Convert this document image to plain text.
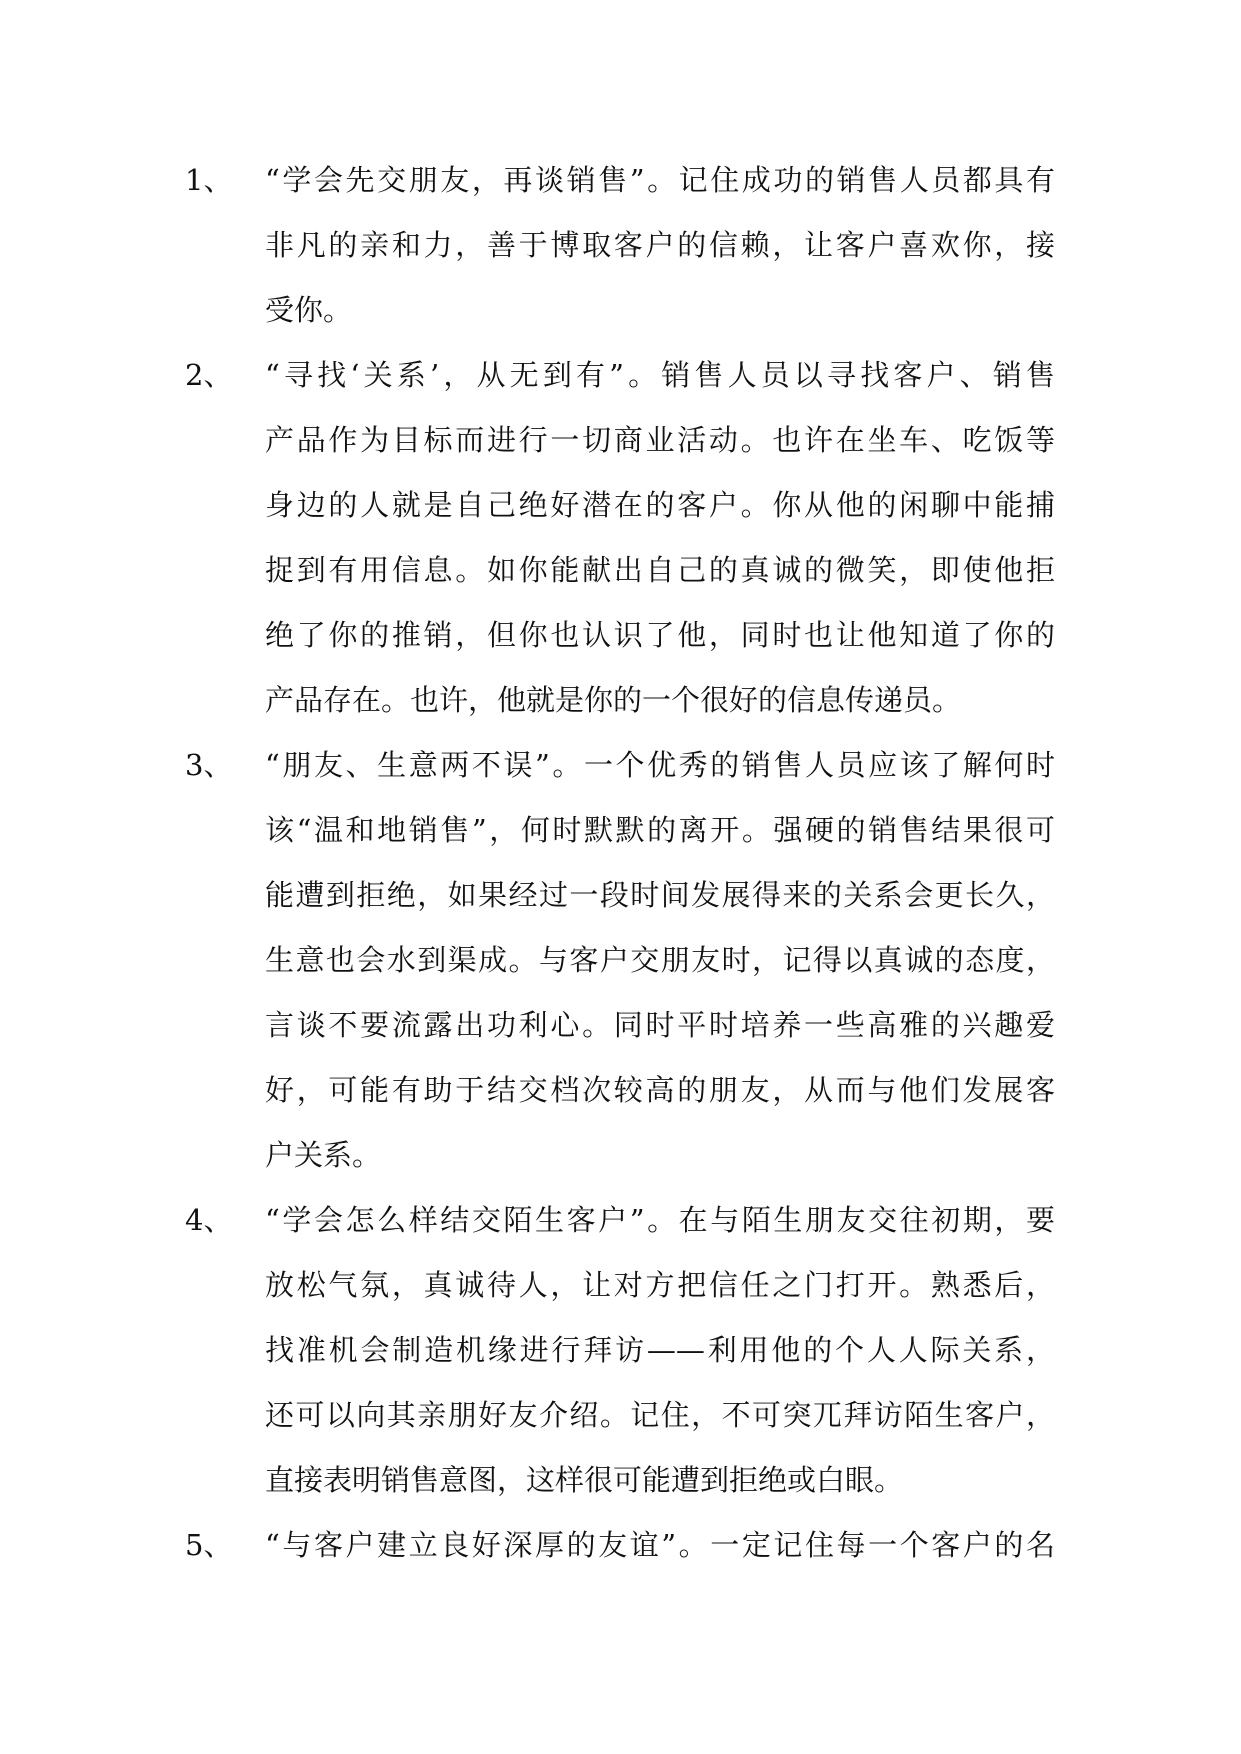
1、	“学会先交朋友，再谈销售”。记住成功的销售人员都具有
非凡的亲和力，善于博取客户的信赖，让客户喜欢你，接
受你。
2、	“寻找‘关系’，从无到有”。销售人员以寻找客户、销售
产品作为目标而进行一切商业活动。也许在坐车、吃饭等
身边的人就是自己绝好潜在的客户。你从他的闲聊中能捕
捉到有用信息。如你能献出自己的真诚的微笑，即使他拒
绝了你的推销，但你也认识了他，同时也让他知道了你的
产品存在。也许，他就是你的一个很好的信息传递员。
3、	“朋友、生意两不误”。一个优秀的销售人员应该了解何时
该“温和地销售”，何时默默的离开。强硬的销售结果很可
能遭到拒绝，如果经过一段时间发展得来的关系会更长久，
生意也会水到渠成。与客户交朋友时，记得以真诚的态度，
言谈不要流露出功利心。同时平时培养一些高雅的兴趣爱
好，可能有助于结交档次较高的朋友，从而与他们发展客
户关系。
4、	“学会怎么样结交陌生客户”。在与陌生朋友交往初期，要
放松气氛，真诚待人，让对方把信任之门打开。熟悉后，
找准机会制造机缘进行拜访——利用他的个人人际关系，
还可以向其亲朋好友介绍。记住，不可突兀拜访陌生客户，
直接表明销售意图，这样很可能遭到拒绝或白眼。
5、	“与客户建立良好深厚的友谊”。一定记住每一个客户的名
